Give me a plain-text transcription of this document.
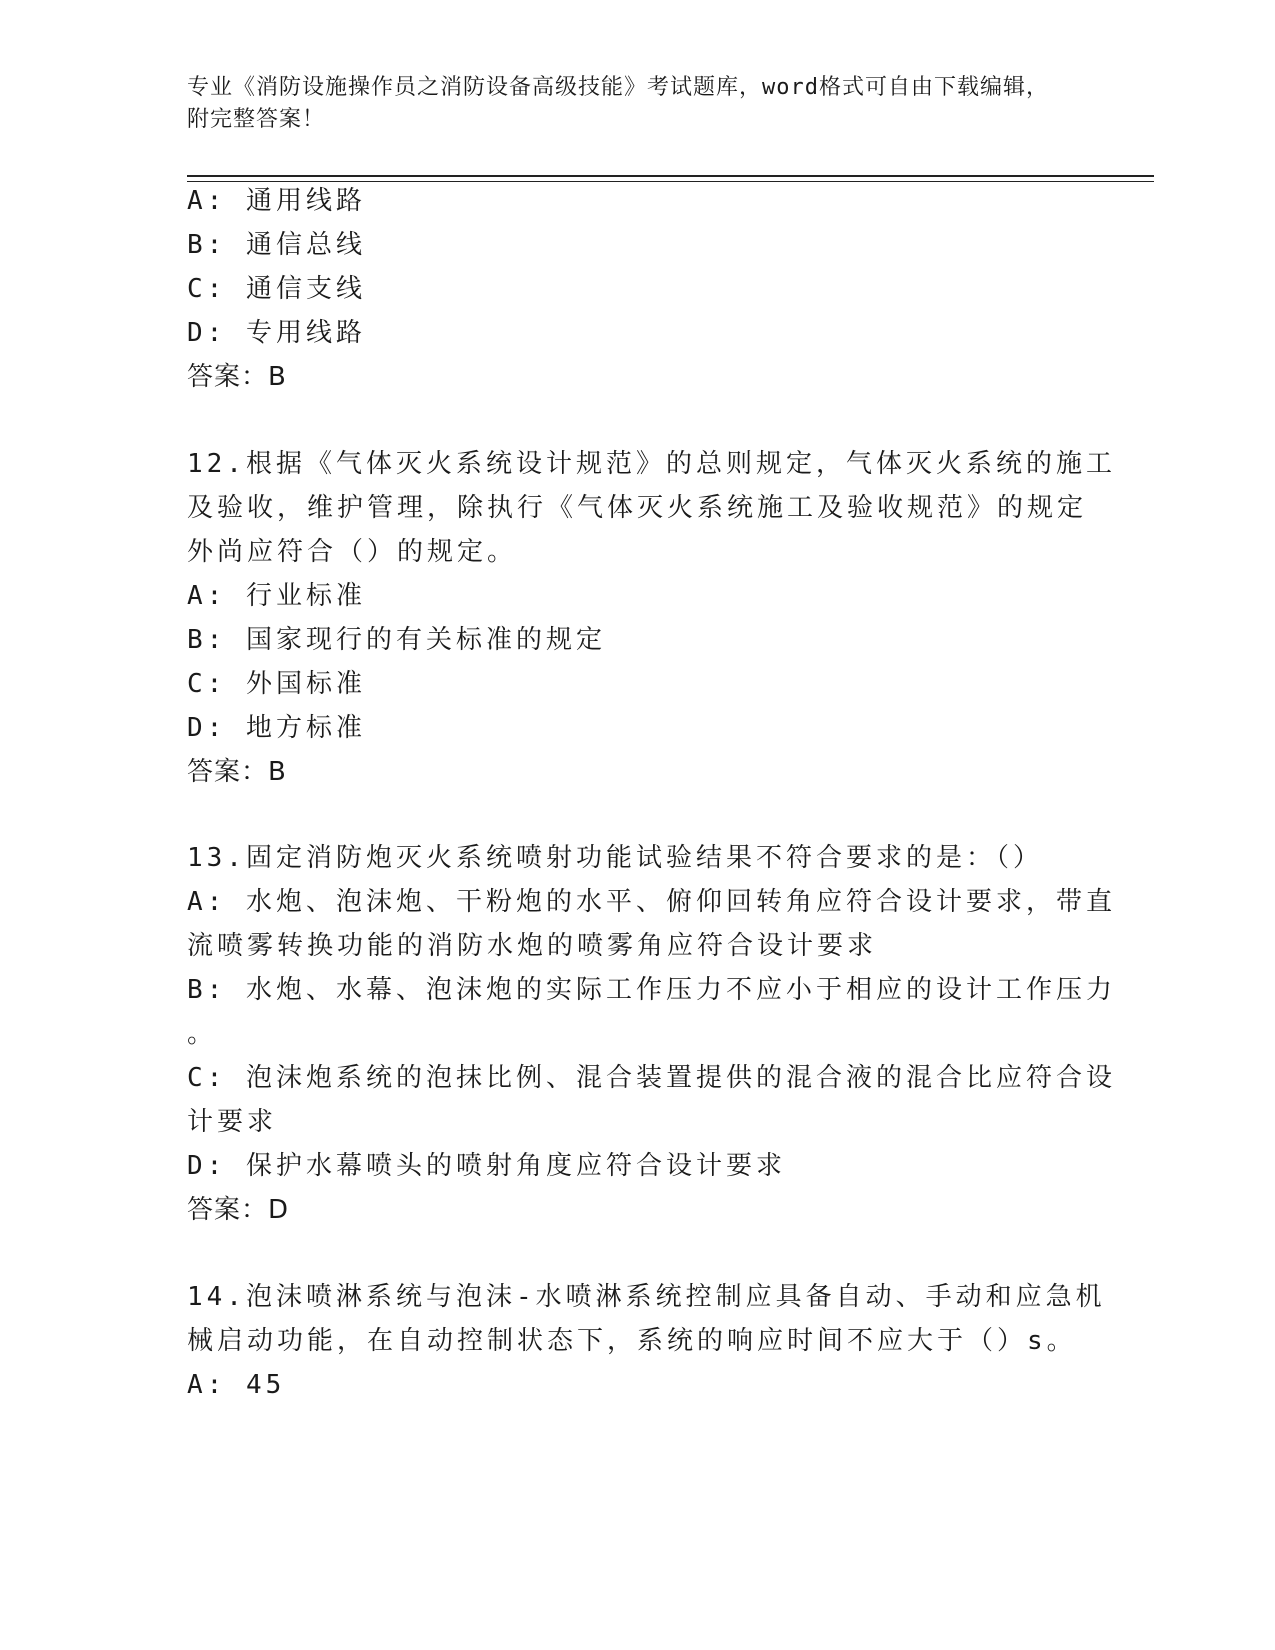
专业《消防设施操作员之消防设备高级技能》考试题库，word格式可自由下载编辑，附完整答案！
A: 通用线路
B: 通信总线
C: 通信支线
D: 专用线路
答案：B
12.根据《气体灭火系统设计规范》的总则规定，气体灭火系统的施工
及验收，维护管理，除执行《气体灭火系统施工及验收规范》的规定
外尚应符合（）的规定。
A: 行业标准
B: 国家现行的有关标准的规定
C: 外国标准
D: 地方标准
答案：B
13.固定消防炮灭火系统喷射功能试验结果不符合要求的是：（）
A: 水炮、泡沫炮、干粉炮的水平、俯仰回转角应符合设计要求，带直
流喷雾转换功能的消防水炮的喷雾角应符合设计要求
B: 水炮、水幕、泡沫炮的实际工作压力不应小于相应的设计工作压力
。
C: 泡沫炮系统的泡抹比例、混合装置提供的混合液的混合比应符合设
计要求
D: 保护水幕喷头的喷射角度应符合设计要求
答案：D
14.泡沫喷淋系统与泡沫-水喷淋系统控制应具备自动、手动和应急机
械启动功能，在自动控制状态下，系统的响应时间不应大于（）s。
A: 45
